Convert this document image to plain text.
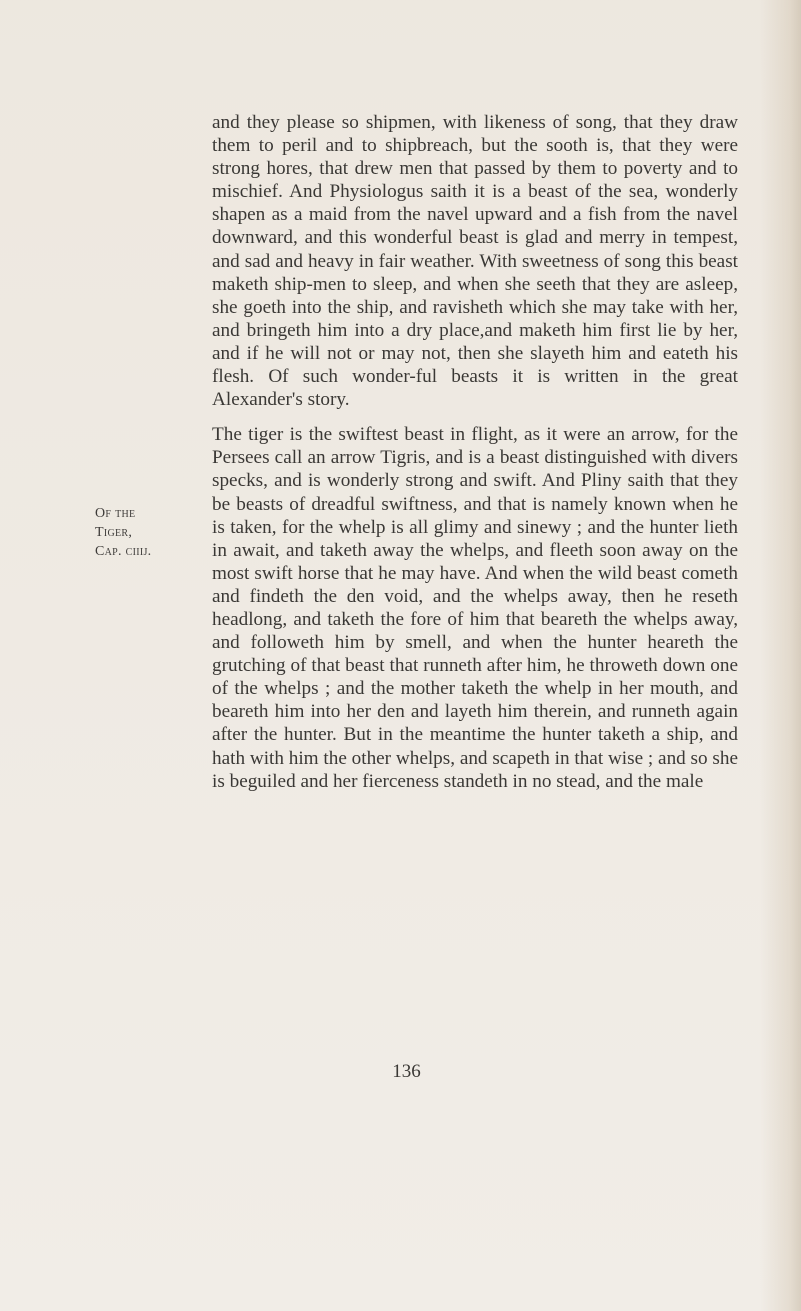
and they please so shipmen, with likeness of song, that they draw them to peril and to shipbreach, but the sooth is, that they were strong hores, that drew men that passed by them to poverty and to mischief. And Physiologus saith it is a beast of the sea, wonderly shapen as a maid from the navel upward and a fish from the navel downward, and this wonderful beast is glad and merry in tempest, and sad and heavy in fair weather. With sweetness of song this beast maketh ship-men to sleep, and when she seeth that they are asleep, she goeth into the ship, and ravisheth which she may take with her, and bringeth him into a dry place,and maketh him first lie by her, and if he will not or may not, then she slayeth him and eateth his flesh. Of such wonder-ful beasts it is written in the great Alexander's story.

The tiger is the swiftest beast in flight, as it were an arrow, for the Persees call an arrow Tigris, and is a beast distinguished with divers specks, and is wonderly strong and swift. And Pliny saith that they be beasts of dreadful swiftness, and that is namely known when he is taken, for the whelp is all glimy and sinewy ; and the hunter lieth in await, and taketh away the whelps, and fleeth soon away on the most swift horse that he may have. And when the wild beast cometh and findeth the den void, and the whelps away, then he reseth headlong, and taketh the fore of him that beareth the whelps away, and followeth him by smell, and when the hunter heareth the grutching of that beast that runneth after him, he throweth down one of the whelps ; and the mother taketh the whelp in her mouth, and beareth him into her den and layeth him therein, and runneth again after the hunter. But in the meantime the hunter taketh a ship, and hath with him the other whelps, and scapeth in that wise ; and so she is beguiled and her fierceness standeth in no stead, and the male

Of the
Tiger,
Cap. ciiij.
136
